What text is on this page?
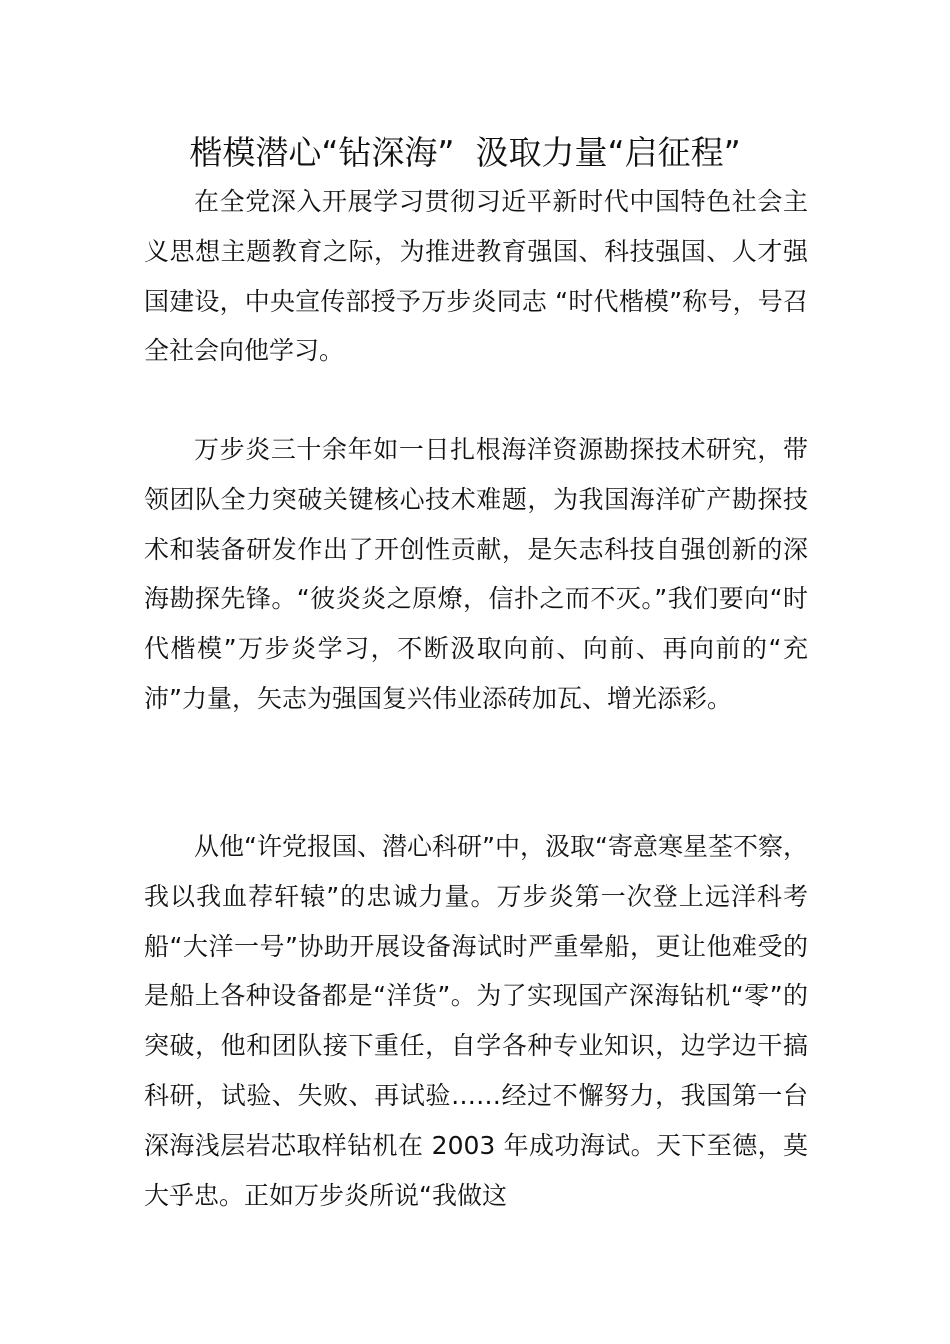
楷模潜心“钻深海”  汲取力量“启征程”

在全党深入开展学习贯彻习近平新时代中国特色社会主义思想主题教育之际，为推进教育强国、科技强国、人才强国建设，中央宣传部授予万步炎同志 “时代楷模”称号，号召全社会向他学习。

万步炎三十余年如一日扎根海洋资源勘探技术研究，带领团队全力突破关键核心技术难题，为我国海洋矿产勘探技术和装备研发作出了开创性贡献，是矢志科技自强创新的深海勘探先锋。“彼炎炎之原燎，信扑之而不灭。”我们要向“时代楷模”万步炎学习，不断汲取向前、向前、再向前的“充沛”力量，矢志为强国复兴伟业添砖加瓦、增光添彩。

从他“许党报国、潜心科研”中，汲取“寄意寒星荃不察，我以我血荐轩辕”的忠诚力量。万步炎第一次登上远洋科考船“大洋一号”协助开展设备海试时严重晕船，更让他难受的是船上各种设备都是“洋货”。为了实现国产深海钻机“零”的突破，他和团队接下重任，自学各种专业知识，边学边干搞科研，试验、失败、再试验……经过不懈努力，我国第一台深海浅层岩芯取样钻机在 2003 年成功海试。天下至德，莫大乎忠。正如万步炎所说“我做这
